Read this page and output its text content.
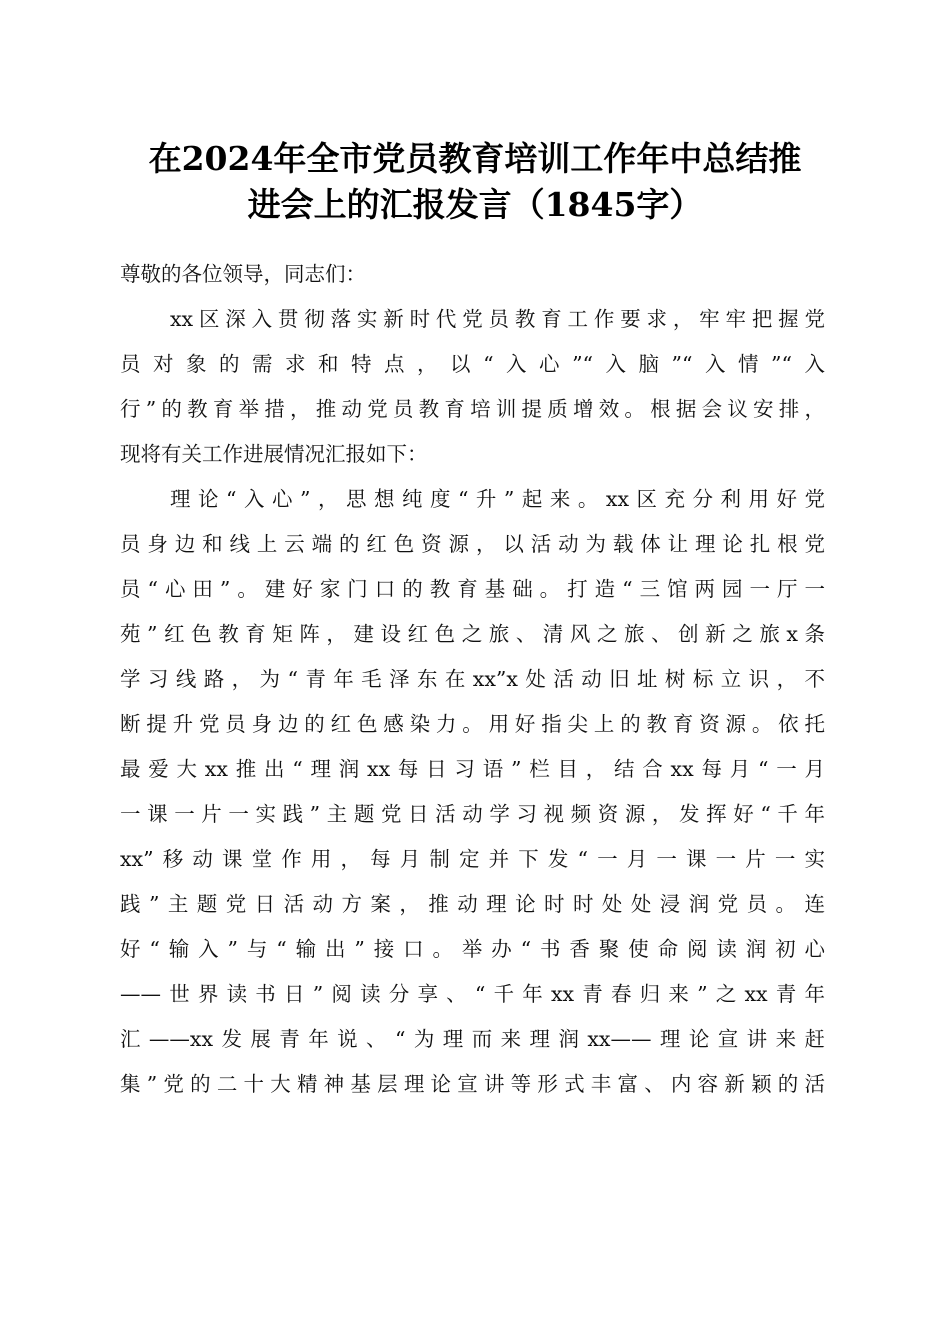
在2024年全市党员教育培训工作年中总结推
进会上的汇报发言（1845字）
尊敬的各位领导，同志们：
xx区深入贯彻落实新时代党员教育工作要求，牢牢把握党
员对象的需求和特点，以“入心”“入脑”“入情”“入
行”的教育举措，推动党员教育培训提质增效。根据会议安排，
现将有关工作进展情况汇报如下：
理论“入心”，思想纯度“升”起来。xx区充分利用好党
员身边和线上云端的红色资源，以活动为载体让理论扎根党
员“心田”。建好家门口的教育基础。打造“三馆两园一厅一
苑”红色教育矩阵，建设红色之旅、清风之旅、创新之旅x条
学习线路，为“青年毛泽东在xx”x处活动旧址树标立识，不
断提升党员身边的红色感染力。用好指尖上的教育资源。依托
最爱大xx推出“理润xx每日习语”栏目，结合xx每月“一月
一课一片一实践”主题党日活动学习视频资源，发挥好“千年
xx”移动课堂作用，每月制定并下发“一月一课一片一实
践”主题党日活动方案，推动理论时时处处浸润党员。连
好“输入”与“输出”接口。举办“书香聚使命阅读润初心
——世界读书日”阅读分享、“千年xx青春归来”之xx青年
汇——xx发展青年说、“为理而来理润xx——理论宣讲来赶
集”党的二十大精神基层理论宣讲等形式丰富、内容新颖的活
